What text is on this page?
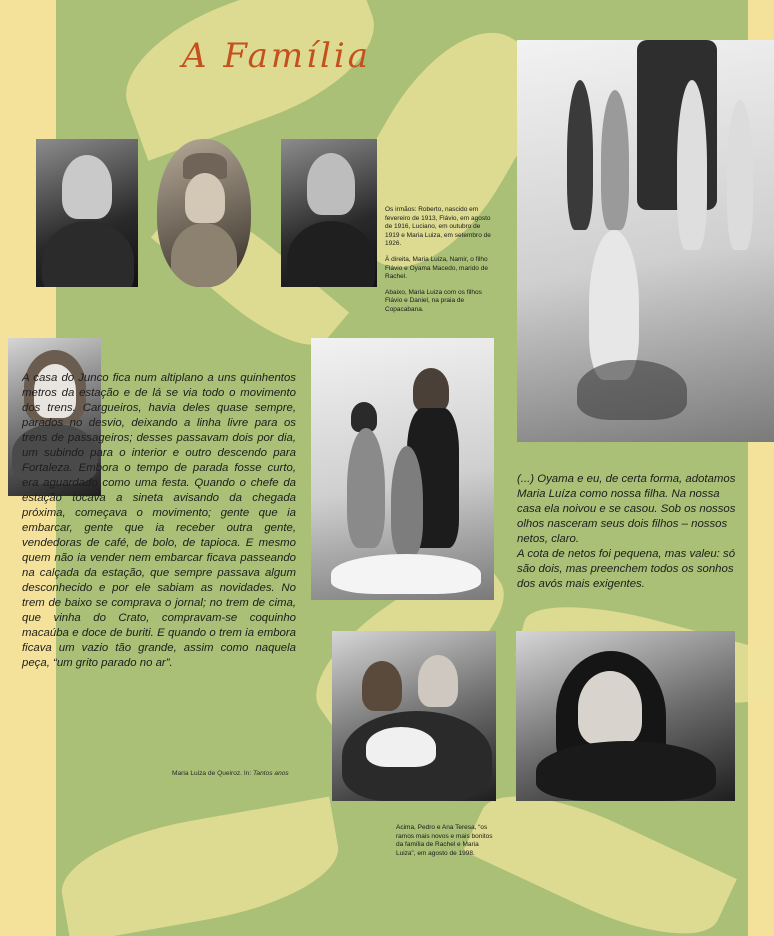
A Família

Os irmãos: Roberto, nascido em fevereiro de 1913, Flávio, em agosto de 1916, Luciano, em outubro de 1919 e Maria Luiza, em setembro de 1926.

À direita, Maria Luiza, Namir, o filho Flávio e Oyama Macedo, marido de Rachel.

Abaixo, Maria Luiza com os filhos Flávio e Daniel, na praia de Copacabana.

A casa do Junco fica num altiplano a uns quinhentos metros da estação e de lá se via todo o movimento dos trens. Cargueiros, havia deles quase sempre, parados no desvio, deixando a linha livre para os trens de passageiros; desses passavam dois por dia, um subindo para o interior e outro descendo para Fortaleza. Embora o tempo de parada fosse curto, era aguardado como uma festa. Quando o chefe da estação tocava a sineta avisando da chegada próxima, começava o movimento; gente que ia embarcar, gente que ia receber outra gente, vendedoras de café, de bolo, de tapioca. E mesmo quem não ia vender nem embarcar ficava passeando na calçada da estação, que sempre passava algum desconhecido e por ele sabiam as novidades. No trem de baixo se comprava o jornal; no trem de cima, que vinha do Crato, compravam-se coquinho macaúba e doce de buriti. E quando o trem ia embora ficava um vazio tão grande, assim como naquela peça, “um grito parado no ar”.
Maria Luiza de Queiroz. In: Tantos anos

(...) Oyama e eu, de certa forma, adotamos Maria Luíza como nossa filha. Na nossa casa ela noivou e se casou. Sob os nossos olhos nasceram seus dois filhos – nossos netos, claro.

A cota de netos foi pequena, mas valeu: só são dois, mas preenchem todos os sonhos dos avós mais exigentes.

Acima, Pedro e Ana Teresa, “os ramos mais novos e mais bonitos da família de Rachel e Maria Luiza”, em agosto de 1998.
